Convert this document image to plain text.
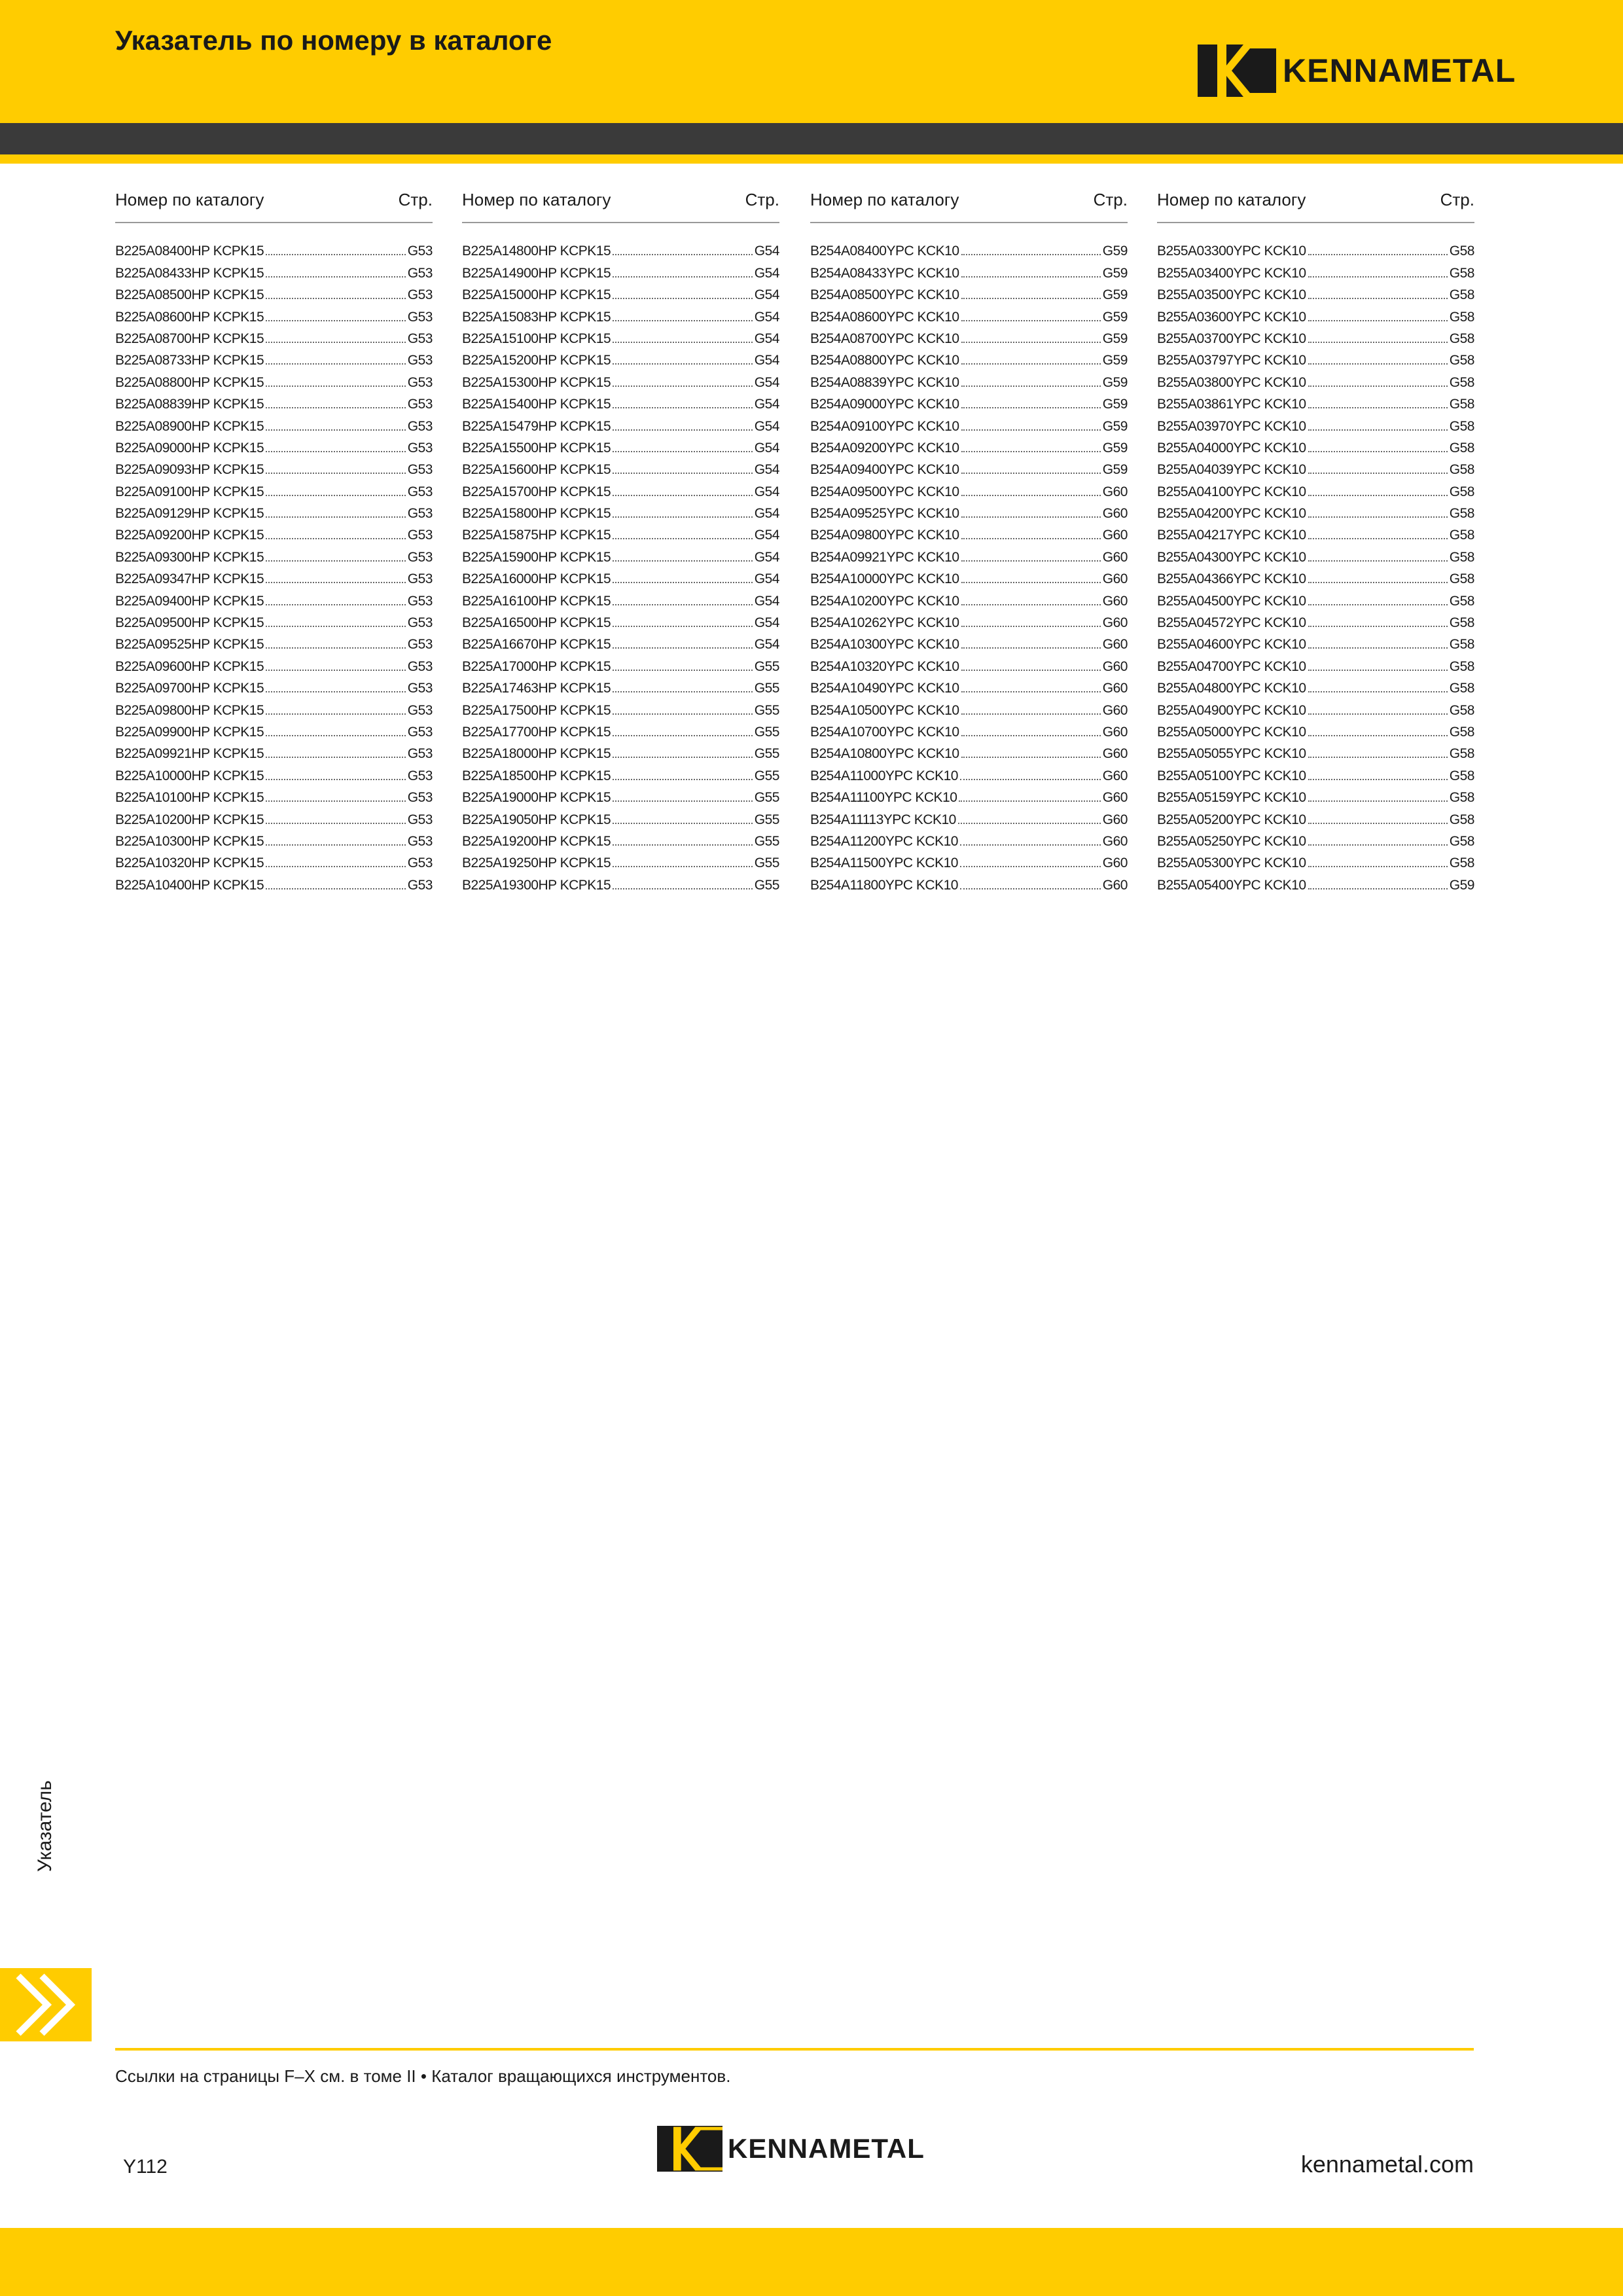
Указатель по номеру в каталоге
KENNAMETAL
Номер по каталогу	Стр.
B225A08400HP KCPK15	G53
B225A08433HP KCPK15	G53
B225A08500HP KCPK15	G53
B225A08600HP KCPK15	G53
B225A08700HP KCPK15	G53
B225A08733HP KCPK15	G53
B225A08800HP KCPK15	G53
B225A08839HP KCPK15	G53
B225A08900HP KCPK15	G53
B225A09000HP KCPK15	G53
B225A09093HP KCPK15	G53
B225A09100HP KCPK15	G53
B225A09129HP KCPK15	G53
B225A09200HP KCPK15	G53
B225A09300HP KCPK15	G53
B225A09347HP KCPK15	G53
B225A09400HP KCPK15	G53
B225A09500HP KCPK15	G53
B225A09525HP KCPK15	G53
B225A09600HP KCPK15	G53
B225A09700HP KCPK15	G53
B225A09800HP KCPK15	G53
B225A09900HP KCPK15	G53
B225A09921HP KCPK15	G53
B225A10000HP KCPK15	G53
B225A10100HP KCPK15	G53
B225A10200HP KCPK15	G53
B225A10300HP KCPK15	G53
B225A10320HP KCPK15	G53
B225A10400HP KCPK15	G53
Номер по каталогу	Стр.
B225A14800HP KCPK15	G54
B225A14900HP KCPK15	G54
B225A15000HP KCPK15	G54
B225A15083HP KCPK15	G54
B225A15100HP KCPK15	G54
B225A15200HP KCPK15	G54
B225A15300HP KCPK15	G54
B225A15400HP KCPK15	G54
B225A15479HP KCPK15	G54
B225A15500HP KCPK15	G54
B225A15600HP KCPK15	G54
B225A15700HP KCPK15	G54
B225A15800HP KCPK15	G54
B225A15875HP KCPK15	G54
B225A15900HP KCPK15	G54
B225A16000HP KCPK15	G54
B225A16100HP KCPK15	G54
B225A16500HP KCPK15	G54
B225A16670HP KCPK15	G54
B225A17000HP KCPK15	G55
B225A17463HP KCPK15	G55
B225A17500HP KCPK15	G55
B225A17700HP KCPK15	G55
B225A18000HP KCPK15	G55
B225A18500HP KCPK15	G55
B225A19000HP KCPK15	G55
B225A19050HP KCPK15	G55
B225A19200HP KCPK15	G55
B225A19250HP KCPK15	G55
B225A19300HP KCPK15	G55
Номер по каталогу	Стр.
B254A08400YPC KCK10	G59
B254A08433YPC KCK10	G59
B254A08500YPC KCK10	G59
B254A08600YPC KCK10	G59
B254A08700YPC KCK10	G59
B254A08800YPC KCK10	G59
B254A08839YPC KCK10	G59
B254A09000YPC KCK10	G59
B254A09100YPC KCK10	G59
B254A09200YPC KCK10	G59
B254A09400YPC KCK10	G59
B254A09500YPC KCK10	G60
B254A09525YPC KCK10	G60
B254A09800YPC KCK10	G60
B254A09921YPC KCK10	G60
B254A10000YPC KCK10	G60
B254A10200YPC KCK10	G60
B254A10262YPC KCK10	G60
B254A10300YPC KCK10	G60
B254A10320YPC KCK10	G60
B254A10490YPC KCK10	G60
B254A10500YPC KCK10	G60
B254A10700YPC KCK10	G60
B254A10800YPC KCK10	G60
B254A11000YPC KCK10	G60
B254A11100YPC KCK10	G60
B254A11113YPC KCK10	G60
B254A11200YPC KCK10	G60
B254A11500YPC KCK10	G60
B254A11800YPC KCK10	G60
Номер по каталогу	Стр.
B255A03300YPC KCK10	G58
B255A03400YPC KCK10	G58
B255A03500YPC KCK10	G58
B255A03600YPC KCK10	G58
B255A03700YPC KCK10	G58
B255A03797YPC KCK10	G58
B255A03800YPC KCK10	G58
B255A03861YPC KCK10	G58
B255A03970YPC KCK10	G58
B255A04000YPC KCK10	G58
B255A04039YPC KCK10	G58
B255A04100YPC KCK10	G58
B255A04200YPC KCK10	G58
B255A04217YPC KCK10	G58
B255A04300YPC KCK10	G58
B255A04366YPC KCK10	G58
B255A04500YPC KCK10	G58
B255A04572YPC KCK10	G58
B255A04600YPC KCK10	G58
B255A04700YPC KCK10	G58
B255A04800YPC KCK10	G58
B255A04900YPC KCK10	G58
B255A05000YPC KCK10	G58
B255A05055YPC KCK10	G58
B255A05100YPC KCK10	G58
B255A05159YPC KCK10	G58
B255A05200YPC KCK10	G58
B255A05250YPC KCK10	G58
B255A05300YPC KCK10	G58
B255A05400YPC KCK10	G59
Указатель
Ссылки на страницы F–X см. в томе II • Каталог вращающихся инструментов.
Y112
KENNAMETAL
kennametal.com
